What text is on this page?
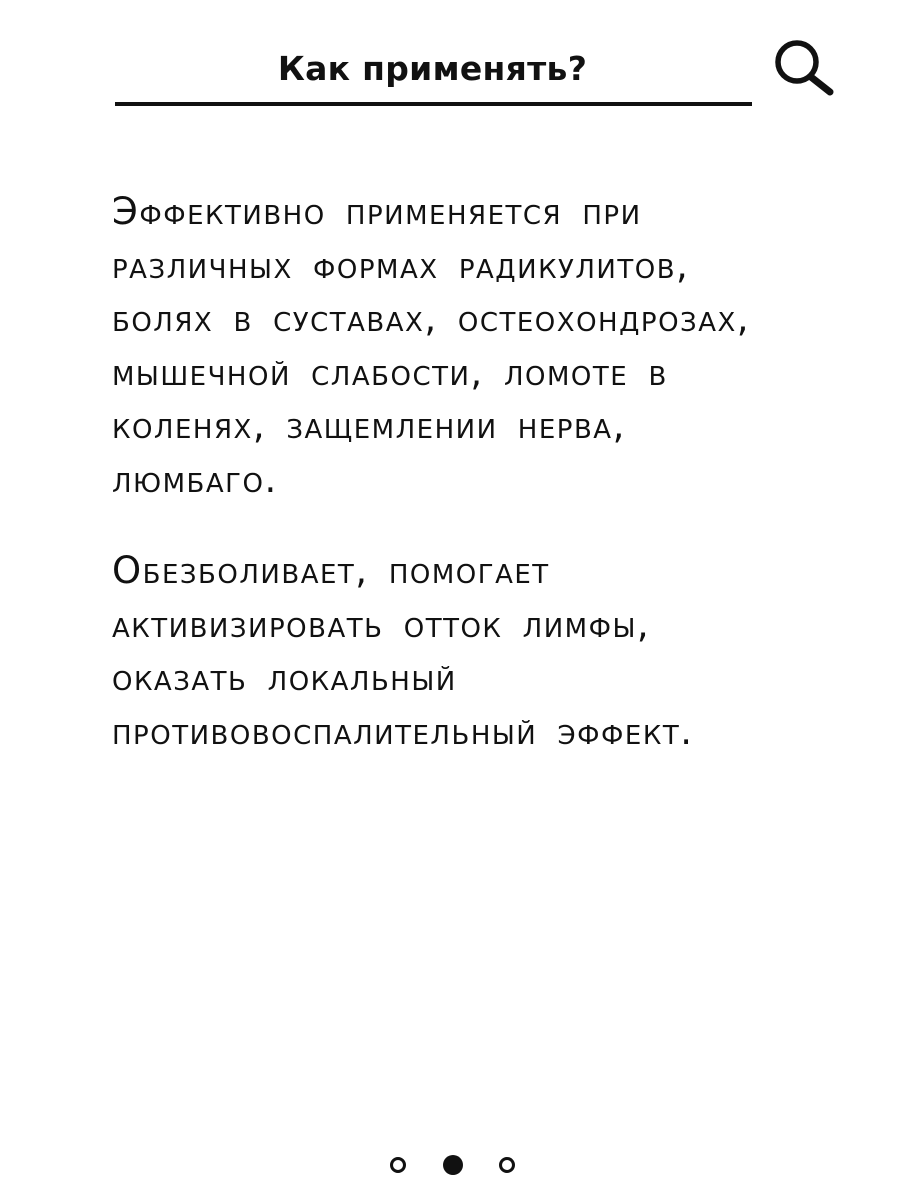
Как применять?

Эффективно применяется при
различных формах радикулитов,
болях в суставах, остеохондрозах,
мышечной слабости, ломоте в
коленях, защемлении нерва,
люмбаго.

Обезболивает, помогает
активизировать отток лимфы,
оказать локальный
противовоспалительный эффект.
